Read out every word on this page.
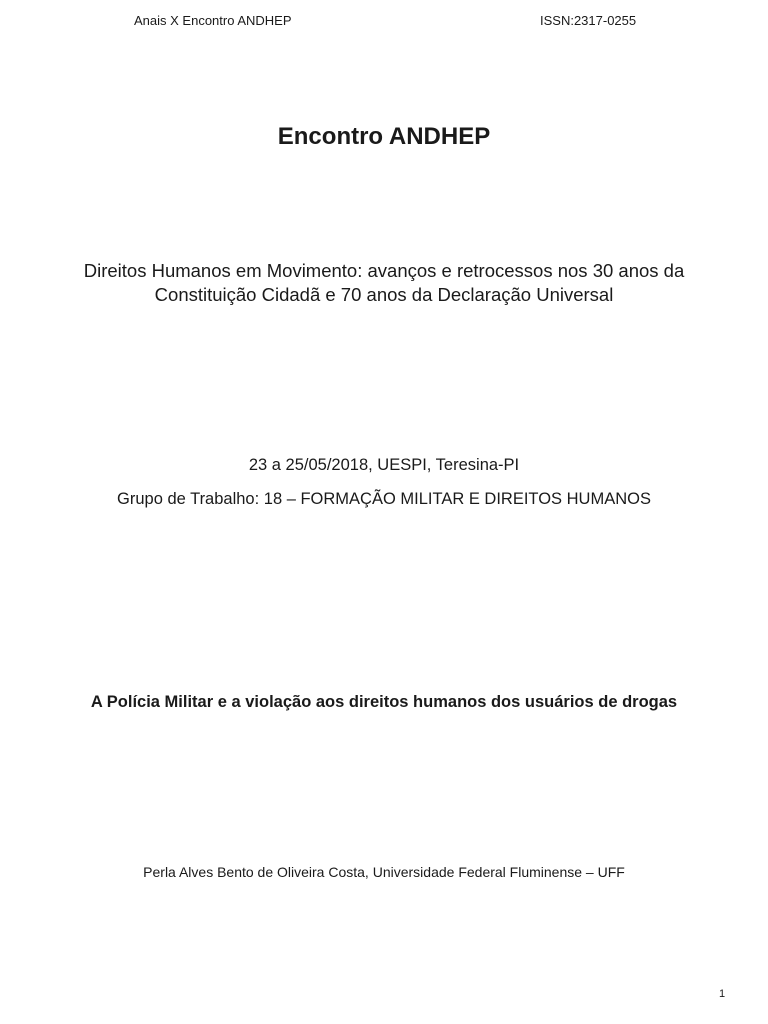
Anais X Encontro ANDHEP	ISSN:2317-0255
Encontro ANDHEP
Direitos Humanos em Movimento: avanços e retrocessos nos 30 anos da Constituição Cidadã e 70 anos da Declaração Universal
23 a 25/05/2018, UESPI, Teresina-PI
Grupo de Trabalho: 18 – FORMAÇÃO MILITAR E DIREITOS HUMANOS
A Polícia Militar e a violação aos direitos humanos dos usuários de drogas
Perla Alves Bento de Oliveira Costa, Universidade Federal Fluminense – UFF
1
